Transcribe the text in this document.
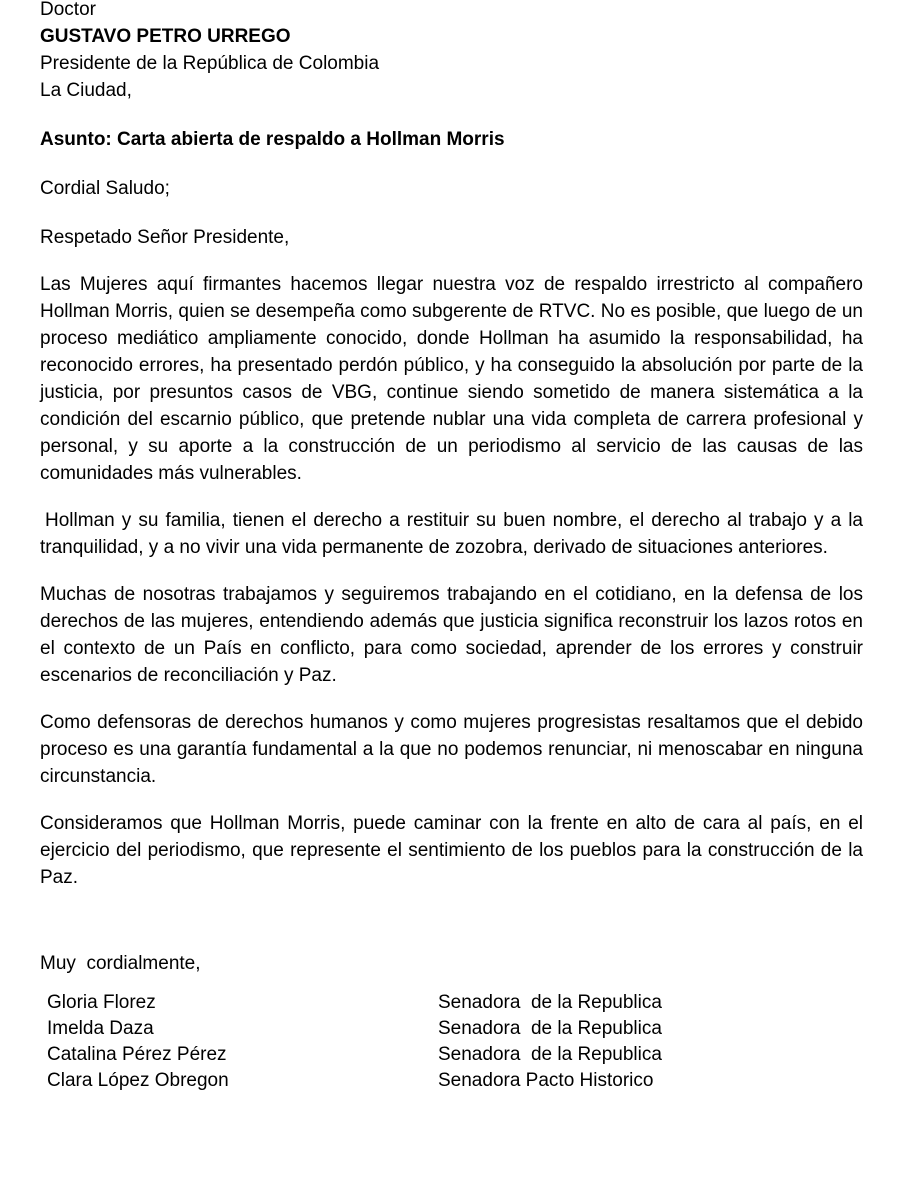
Doctor
GUSTAVO PETRO URREGO
Presidente de la República de Colombia
La Ciudad,
Asunto: Carta abierta de respaldo a Hollman Morris
Cordial Saludo;
Respetado Señor Presidente,

Las Mujeres aquí firmantes hacemos llegar nuestra voz de respaldo irrestricto al compañero Hollman Morris, quien se desempeña como subgerente de RTVC. No es posible, que luego de un proceso mediático ampliamente conocido, donde Hollman ha asumido la responsabilidad, ha reconocido errores, ha presentado perdón público, y ha conseguido la absolución por parte de la justicia, por presuntos casos de VBG, continue siendo sometido de manera sistemática a la condición del escarnio público, que pretende nublar una vida completa de carrera profesional y personal, y su aporte a la construcción de un periodismo al servicio de las causas de las comunidades más vulnerables.

Hollman y su familia, tienen el derecho a restituir su buen nombre, el derecho al trabajo y a la tranquilidad, y a no vivir una vida permanente de zozobra, derivado de situaciones anteriores.

Muchas de nosotras trabajamos y seguiremos trabajando en el cotidiano, en la defensa de los derechos de las mujeres, entendiendo además que justicia significa reconstruir los lazos rotos en el contexto de un País en conflicto, para como sociedad, aprender de los errores y construir escenarios de reconciliación y Paz.

Como defensoras de derechos humanos y como mujeres progresistas resaltamos que el debido proceso es una garantía fundamental a la que no podemos renunciar, ni menoscabar en ninguna circunstancia.

Consideramos que Hollman Morris, puede caminar con la frente en alto de cara al país, en el ejercicio del periodismo, que represente el sentimiento de los pueblos para la construcción de la Paz.

Muy  cordialmente,
Gloria Florez	Senadora  de la Republica
Imelda Daza	Senadora  de la Republica
Catalina Pérez Pérez	Senadora  de la Republica
Clara López Obregon	Senadora Pacto Historico
